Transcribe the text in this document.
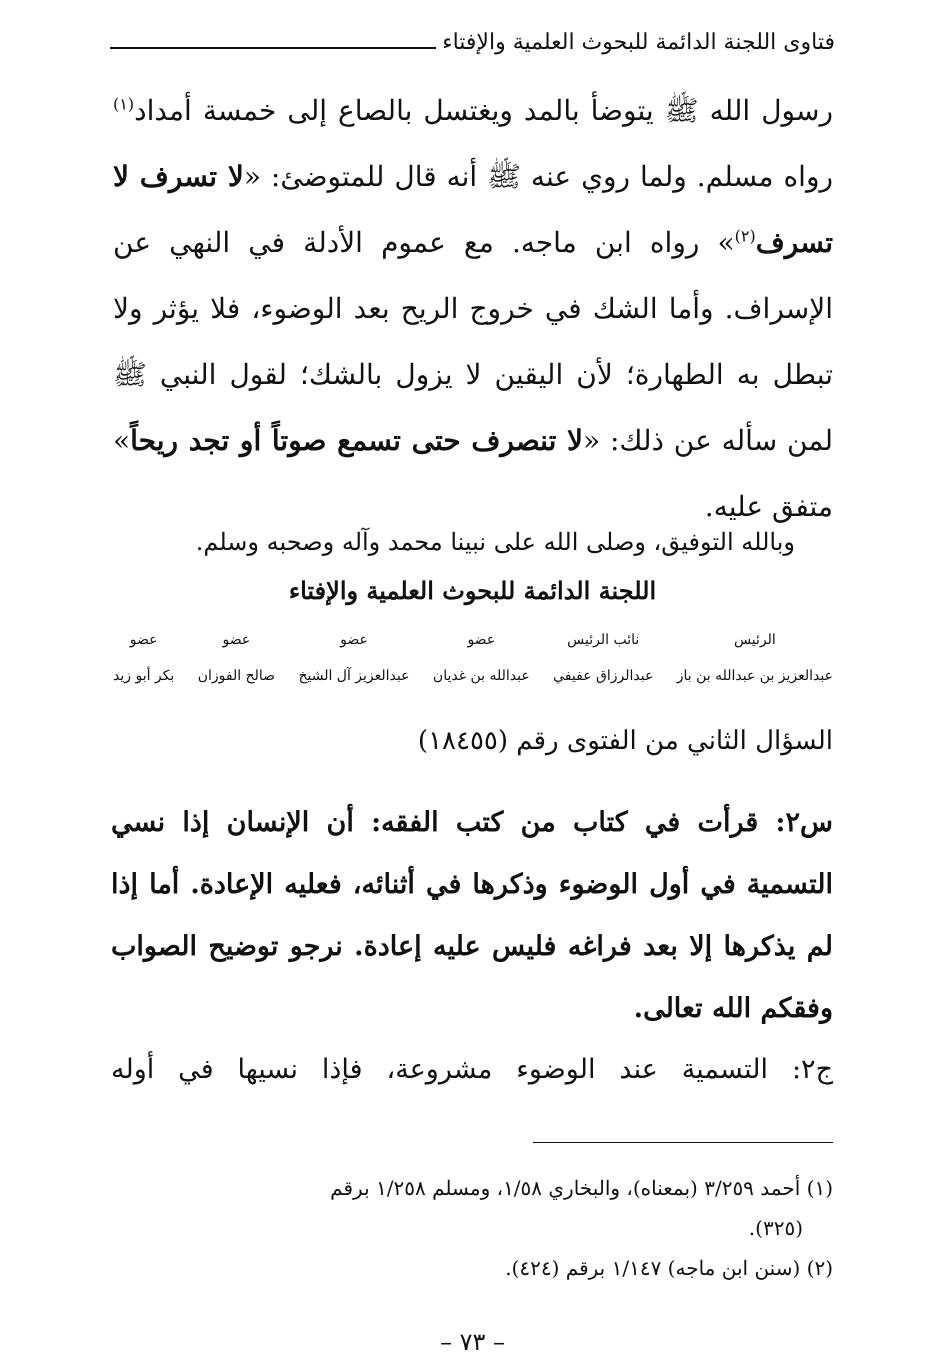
فتاوى اللجنة الدائمة للبحوث العلمية والإفتاء

رسول الله ﷺ يتوضأ بالمد ويغتسل بالصاع إلى خمسة أمداد$^{(١)}$ رواه مسلم. ولما روي عنه ﷺ أنه قال للمتوضئ: «لا تسرف لا تسرف$^{(٢)}$» رواه ابن ماجه. مع عموم الأدلة في النهي عن الإسراف. وأما الشك في خروج الريح بعد الوضوء، فلا يؤثر ولا تبطل به الطهارة؛ لأن اليقين لا يزول بالشك؛ لقول النبي ﷺ لمن سأله عن ذلك: «لا تنصرف حتى تسمع صوتاً أو تجد ريحاً» متفق عليه.

وبالله التوفيق، وصلى الله على نبينا محمد وآله وصحبه وسلم.
اللجنة الدائمة للبحوث العلمية والإفتاء
الرئيس
عبدالعزيز بن عبدالله بن باز
نائب الرئيس
عبدالرزاق عفيفي
عضو
عبدالله بن غديان
عضو
عبدالعزيز آل الشيخ
عضو
صالح الفوزان
عضو
بكر أبو زيد
السؤال الثاني من الفتوى رقم (١٨٤٥٥)

س٢: قرأت في كتاب من كتب الفقه: أن الإنسان إذا نسي التسمية في أول الوضوء وذكرها في أثنائه، فعليه الإعادة. أما إذا لم يذكرها إلا بعد فراغه فليس عليه إعادة. نرجو توضيح الصواب وفقكم الله تعالى.

ج٢: التسمية عند الوضوء مشروعة، فإذا نسيها في أوله

(١) أحمد ٣/٢٥٩ (بمعناه)، والبخاري ١/٥٨، ومسلم ١/٢٥٨ برقم

(٣٢٥).

(٢) (سنن ابن ماجه) ١/١٤٧ برقم (٤٢٤).

– ٧٣ –
